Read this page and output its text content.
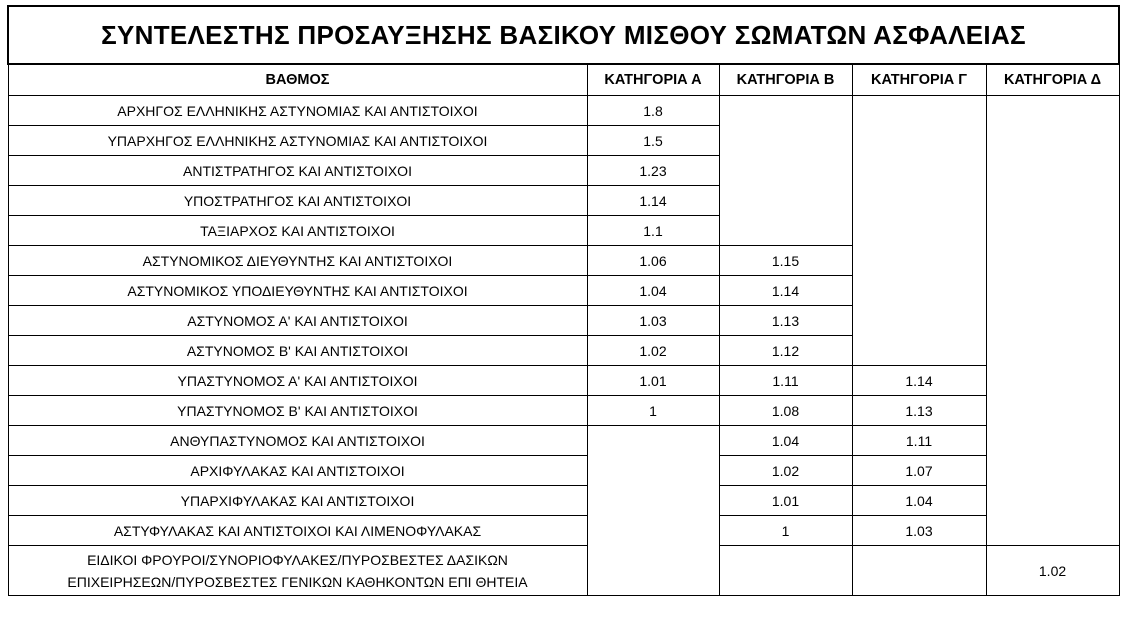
ΣΥΝΤΕΛΕΣΤΗΣ ΠΡΟΣΑΥΞΗΣΗΣ ΒΑΣΙΚΟΥ ΜΙΣΘΟΥ ΣΩΜΑΤΩΝ ΑΣΦΑΛΕΙΑΣ				
ΒΑΘΜΟΣ	ΚΑΤΗΓΟΡΙΑ Α	ΚΑΤΗΓΟΡΙΑ Β	ΚΑΤΗΓΟΡΙΑ Γ	ΚΑΤΗΓΟΡΙΑ Δ
ΑΡΧΗΓΟΣ ΕΛΛΗΝΙΚΗΣ ΑΣΤΥΝΟΜΙΑΣ ΚΑΙ ΑΝΤΙΣΤΟΙΧΟΙ	1.8			
ΥΠΑΡΧΗΓΟΣ ΕΛΛΗΝΙΚΗΣ ΑΣΤΥΝΟΜΙΑΣ ΚΑΙ ΑΝΤΙΣΤΟΙΧΟΙ	1.5			
ΑΝΤΙΣΤΡΑΤΗΓΟΣ ΚΑΙ ΑΝΤΙΣΤΟΙΧΟΙ	1.23			
ΥΠΟΣΤΡΑΤΗΓΟΣ ΚΑΙ ΑΝΤΙΣΤΟΙΧΟΙ	1.14			
ΤΑΞΙΑΡΧΟΣ ΚΑΙ ΑΝΤΙΣΤΟΙΧΟΙ	1.1			
ΑΣΤΥΝΟΜΙΚΟΣ ΔΙΕΥΘΥΝΤΗΣ ΚΑΙ ΑΝΤΙΣΤΟΙΧΟΙ	1.06	1.15		
ΑΣΤΥΝΟΜΙΚΟΣ ΥΠΟΔΙΕΥΘΥΝΤΗΣ ΚΑΙ ΑΝΤΙΣΤΟΙΧΟΙ	1.04	1.14		
ΑΣΤΥΝΟΜΟΣ Α' ΚΑΙ ΑΝΤΙΣΤΟΙΧΟΙ	1.03	1.13		
ΑΣΤΥΝΟΜΟΣ Β' ΚΑΙ ΑΝΤΙΣΤΟΙΧΟΙ	1.02	1.12		
ΥΠΑΣΤΥΝΟΜΟΣ Α' ΚΑΙ ΑΝΤΙΣΤΟΙΧΟΙ	1.01	1.11	1.14	
ΥΠΑΣΤΥΝΟΜΟΣ Β' ΚΑΙ ΑΝΤΙΣΤΟΙΧΟΙ	1	1.08	1.13	
ΑΝΘΥΠΑΣΤΥΝΟΜΟΣ ΚΑΙ ΑΝΤΙΣΤΟΙΧΟΙ		1.04	1.11	
ΑΡΧΙΦΥΛΑΚΑΣ ΚΑΙ ΑΝΤΙΣΤΟΙΧΟΙ		1.02	1.07	
ΥΠΑΡΧΙΦΥΛΑΚΑΣ ΚΑΙ ΑΝΤΙΣΤΟΙΧΟΙ		1.01	1.04	
ΑΣΤΥΦΥΛΑΚΑΣ ΚΑΙ ΑΝΤΙΣΤΟΙΧΟΙ ΚΑΙ ΛΙΜΕΝΟΦΥΛΑΚΑΣ		1	1.03	

ΕΙΔΙΚΟΙ ΦΡΟΥΡΟΙ/ΣΥΝΟΡΙΟΦΥΛΑΚΕΣ/ΠΥΡΟΣΒΕΣΤΕΣ ΔΑΣΙΚΩΝ
ΕΠΙΧΕΙΡΗΣΕΩΝ/ΠΥΡΟΣΒΕΣΤΕΣ ΓΕΝΙΚΩΝ ΚΑΘΗΚΟΝΤΩΝ ΕΠΙ ΘΗΤΕΙΑ				1.02
